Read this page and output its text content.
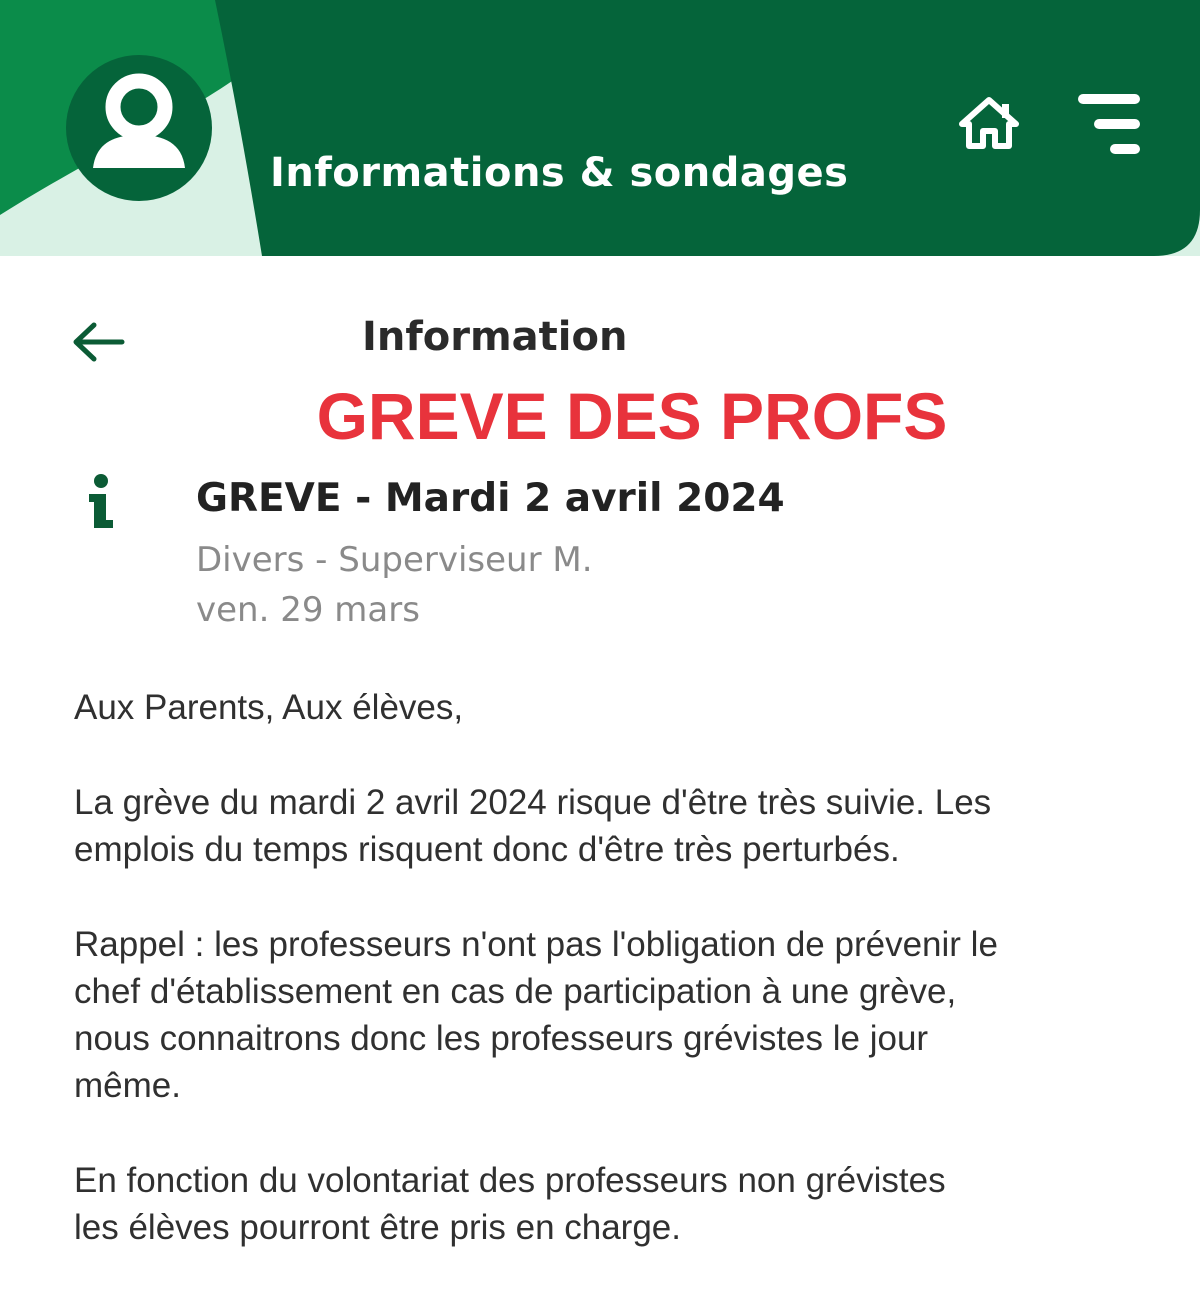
Informations & sondages
Information
GREVE DES PROFS
GREVE - Mardi 2 avril 2024
Divers - Superviseur M.
ven. 29 mars

Aux Parents, Aux élèves,

La grève du mardi 2 avril 2024 risque d'être très suivie. Les
emplois du temps risquent donc d'être très perturbés.

Rappel : les professeurs n'ont pas l'obligation de prévenir le
chef d'établissement en cas de participation à une grève,
nous connaitrons donc les professeurs grévistes le jour
même.

En fonction du volontariat des professeurs non grévistes
les élèves pourront être pris en charge.
